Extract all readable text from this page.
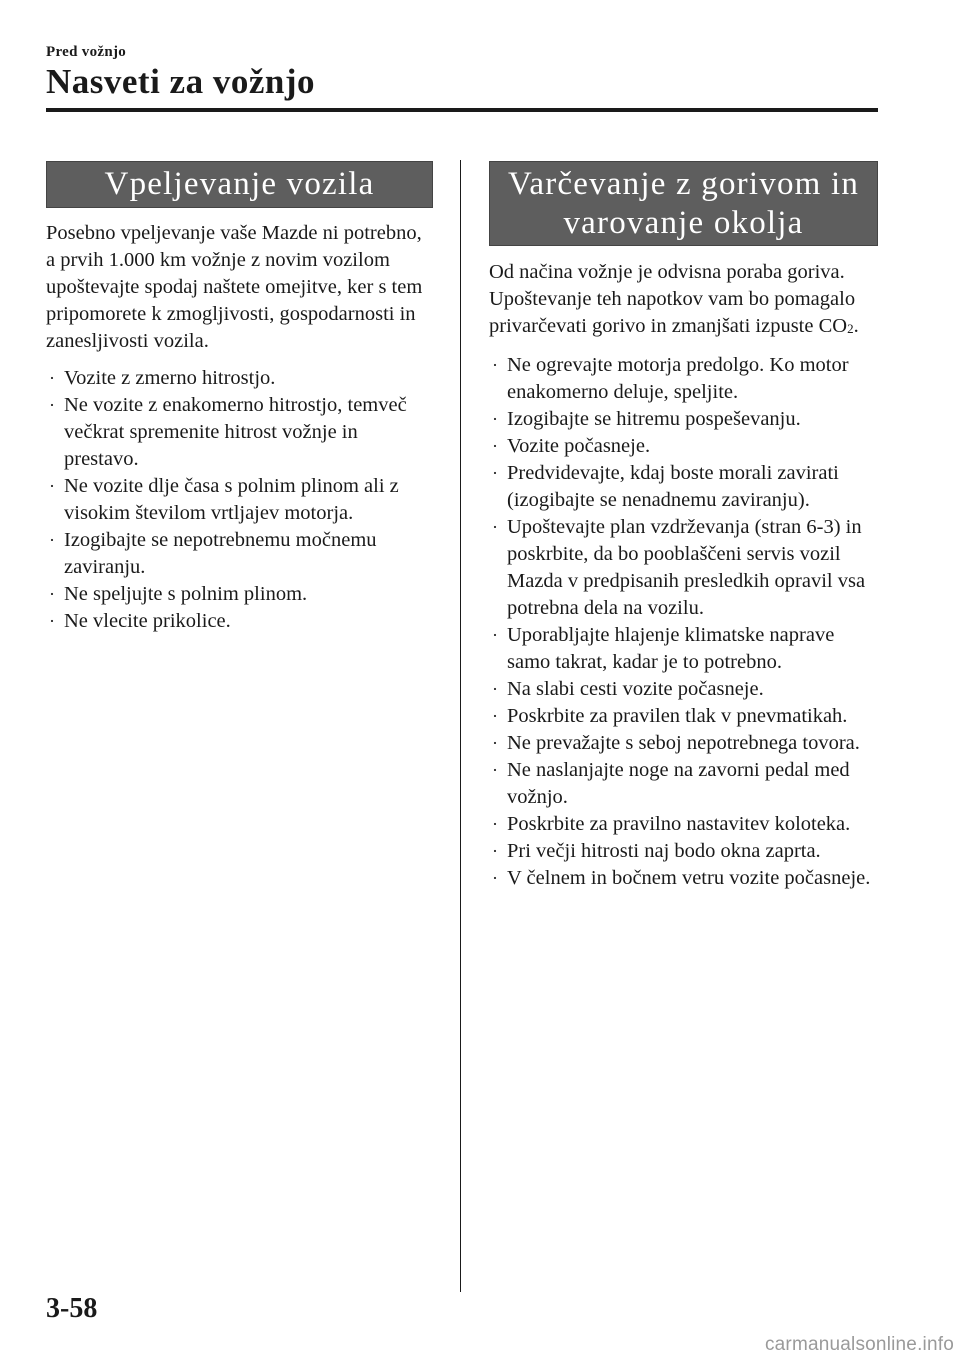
Pred vožnjo
Nasveti za vožnjo
Vpeljevanje vozila

Posebno vpeljevanje vaše Mazde ni potrebno, a prvih 1.000 km vožnje z novim vozilom upoštevajte spodaj naštete omejitve, ker s tem pripomorete k zmogljivosti, gospodarnosti in zanesljivosti vozila.

· Vozite z zmerno hitrostjo.
· Ne vozite z enakomerno hitrostjo, temveč večkrat spremenite hitrost vožnje in prestavo.
· Ne vozite dlje časa s polnim plinom ali z visokim številom vrtljajev motorja.
· Izogibajte se nepotrebnemu močnemu zaviranju.
· Ne speljujte s polnim plinom.
· Ne vlecite prikolice.
Varčevanje z gorivom in
varovanje okolja

Od načina vožnje je odvisna poraba goriva. Upoštevanje teh napotkov vam bo pomagalo privarčevati gorivo in zmanjšati izpuste $CO_2$.

· Ne ogrevajte motorja predolgo. Ko motor enakomerno deluje, speljite.
· Izogibajte se hitremu pospeševanju.
· Vozite počasneje.
· Predvidevajte, kdaj boste morali zavirati (izogibajte se nenadnemu zaviranju).
· Upoštevajte plan vzdrževanja (stran 6-3) in poskrbite, da bo pooblaščeni servis vozil Mazda v predpisanih presledkih opravil vsa potrebna dela na vozilu.
· Uporabljajte hlajenje klimatske naprave samo takrat, kadar je to potrebno.
· Na slabi cesti vozite počasneje.
· Poskrbite za pravilen tlak v pnevmatikah.
· Ne prevažajte s seboj nepotrebnega tovora.
· Ne naslanjajte noge na zavorni pedal med vožnjo.
· Poskrbite za pravilno nastavitev koloteka.
· Pri večji hitrosti naj bodo okna zaprta.
· V čelnem in bočnem vetru vozite počasneje.
3-58
carmanualsonline.info
